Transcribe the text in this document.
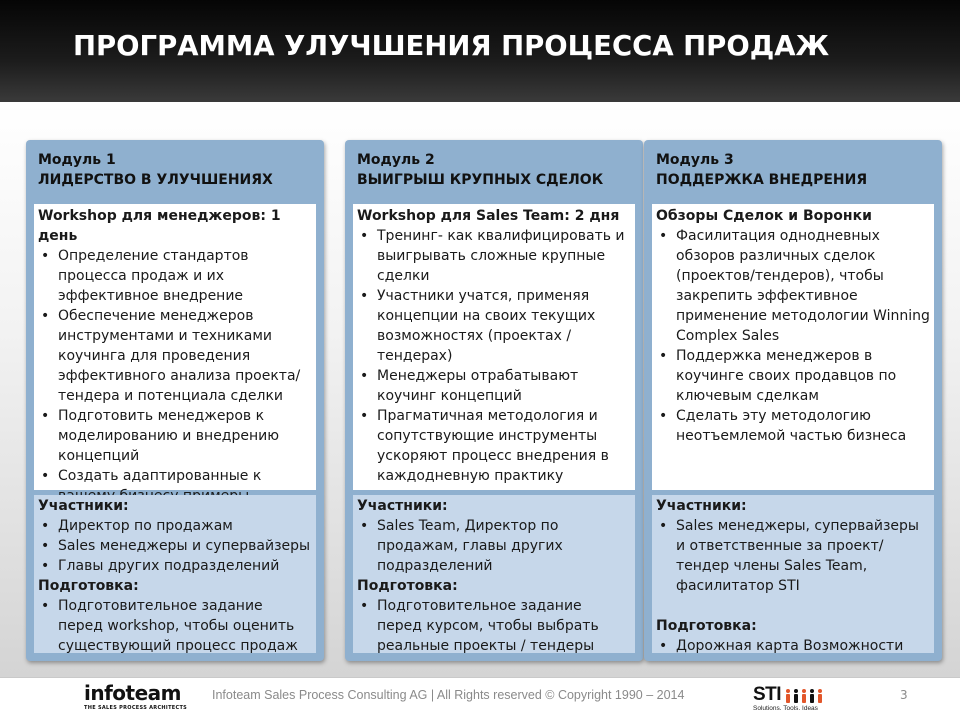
ПРОГРАММА УЛУЧШЕНИЯ ПРОЦЕССА ПРОДАЖ
Модуль 1
ЛИДЕРСТВО В УЛУЧШЕНИЯХ
Workshop для менеджеров: 1 день
• Определение стандартов процесса продаж и их эффективное внедрение
• Обеспечение менеджеров инструментами и техниками коучинга для проведения эффективного анализа проекта/ тендера и потенциала сделки
• Подготовить менеджеров к моделированию и внедрению концепций
• Создать адаптированные к
Участники:
• Директор по продажам
• Sales менеджеры и супервайзеры
• Главы других подразделений
Подготовка:
• Подготовительное задание перед workshop, чтобы оценить существующий процесс продаж
Модуль 2
ВЫИГРЫШ КРУПНЫХ СДЕЛОК
Workshop для Sales Team: 2 дня
• Тренинг- как квалифицировать и выигрывать сложные крупные сделки
• Участники учатся, применяя концепции на своих текущих возможностях (проектах / тендерах)
• Менеджеры отрабатывают коучинг концепций
• Прагматичная методология и сопутствующие инструменты ускоряют процесс внедрения в каждодневную практику
Участники:
• Sales Team, Директор по продажам, главы других подразделений
Подготовка:
• Подготовительное задание перед курсом, чтобы выбрать реальные проекты / тендеры
Модуль 3
ПОДДЕРЖКА ВНЕДРЕНИЯ
Обзоры Сделок и Воронки
• Фасилитация однодневных обзоров различных сделок (проектов/тендеров), чтобы закрепить эффективное применение методологии Winning Complex Sales
• Поддержка менеджеров в коучинге своих продавцов по ключевым сделкам
• Сделать эту методологию неотъемлемой частью бизнеса
Участники:
• Sales менеджеры, супервайзеры и ответственные за проект/ тендер члены Sales Team, фасилитатор STI
Подготовка:
• Дорожная карта Возможности
infoteam
THE SALES PROCESS ARCHITECTS
Infoteam Sales Process Consulting AG | All Rights reserved © Copyright 1990 – 2014	STI
Solutions. Tools. Ideas
3
